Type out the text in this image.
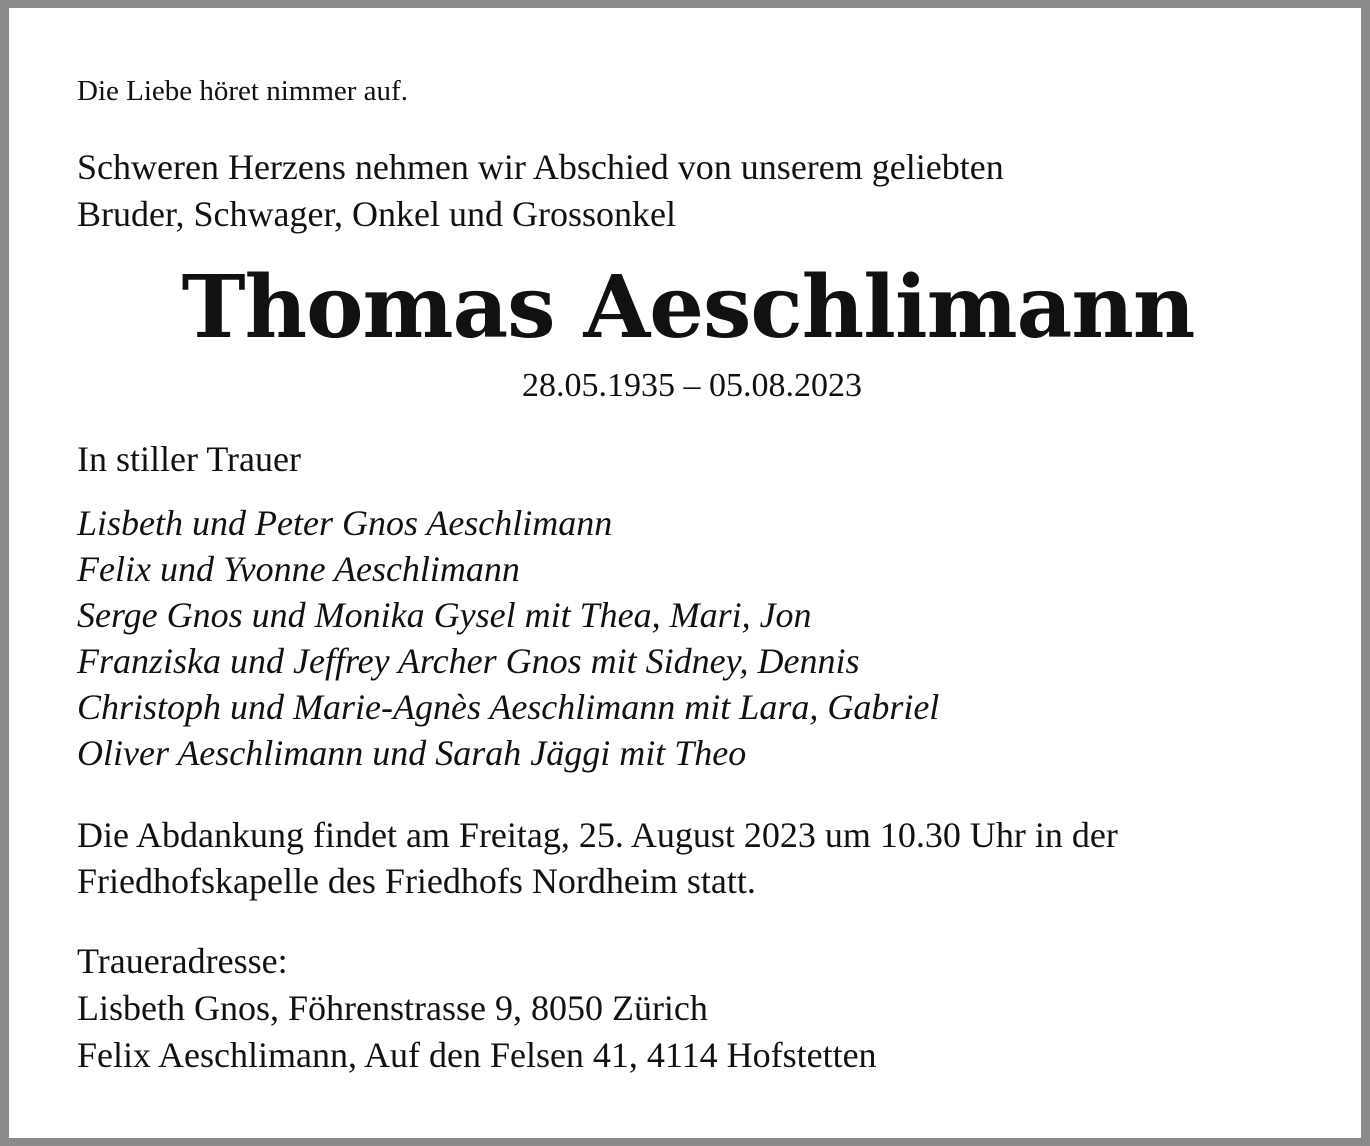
Die Liebe höret nimmer auf.

Schweren Herzens nehmen wir Abschied von unserem geliebten
Bruder, Schwager, Onkel und Grossonkel

Thomas Aeschlimann

28.05.1935 – 05.08.2023

In stiller Trauer

Lisbeth und Peter Gnos Aeschlimann
Felix und Yvonne Aeschlimann
Serge Gnos und Monika Gysel mit Thea, Mari, Jon
Franziska und Jeffrey Archer Gnos mit Sidney, Dennis
Christoph und Marie-Agnès Aeschlimann mit Lara, Gabriel
Oliver Aeschlimann und Sarah Jäggi mit Theo

Die Abdankung findet am Freitag, 25. August 2023 um 10.30 Uhr in der
Friedhofskapelle des Friedhofs Nordheim statt.

Traueradresse:
Lisbeth Gnos, Föhrenstrasse 9, 8050 Zürich
Felix Aeschlimann, Auf den Felsen 41, 4114 Hofstetten
